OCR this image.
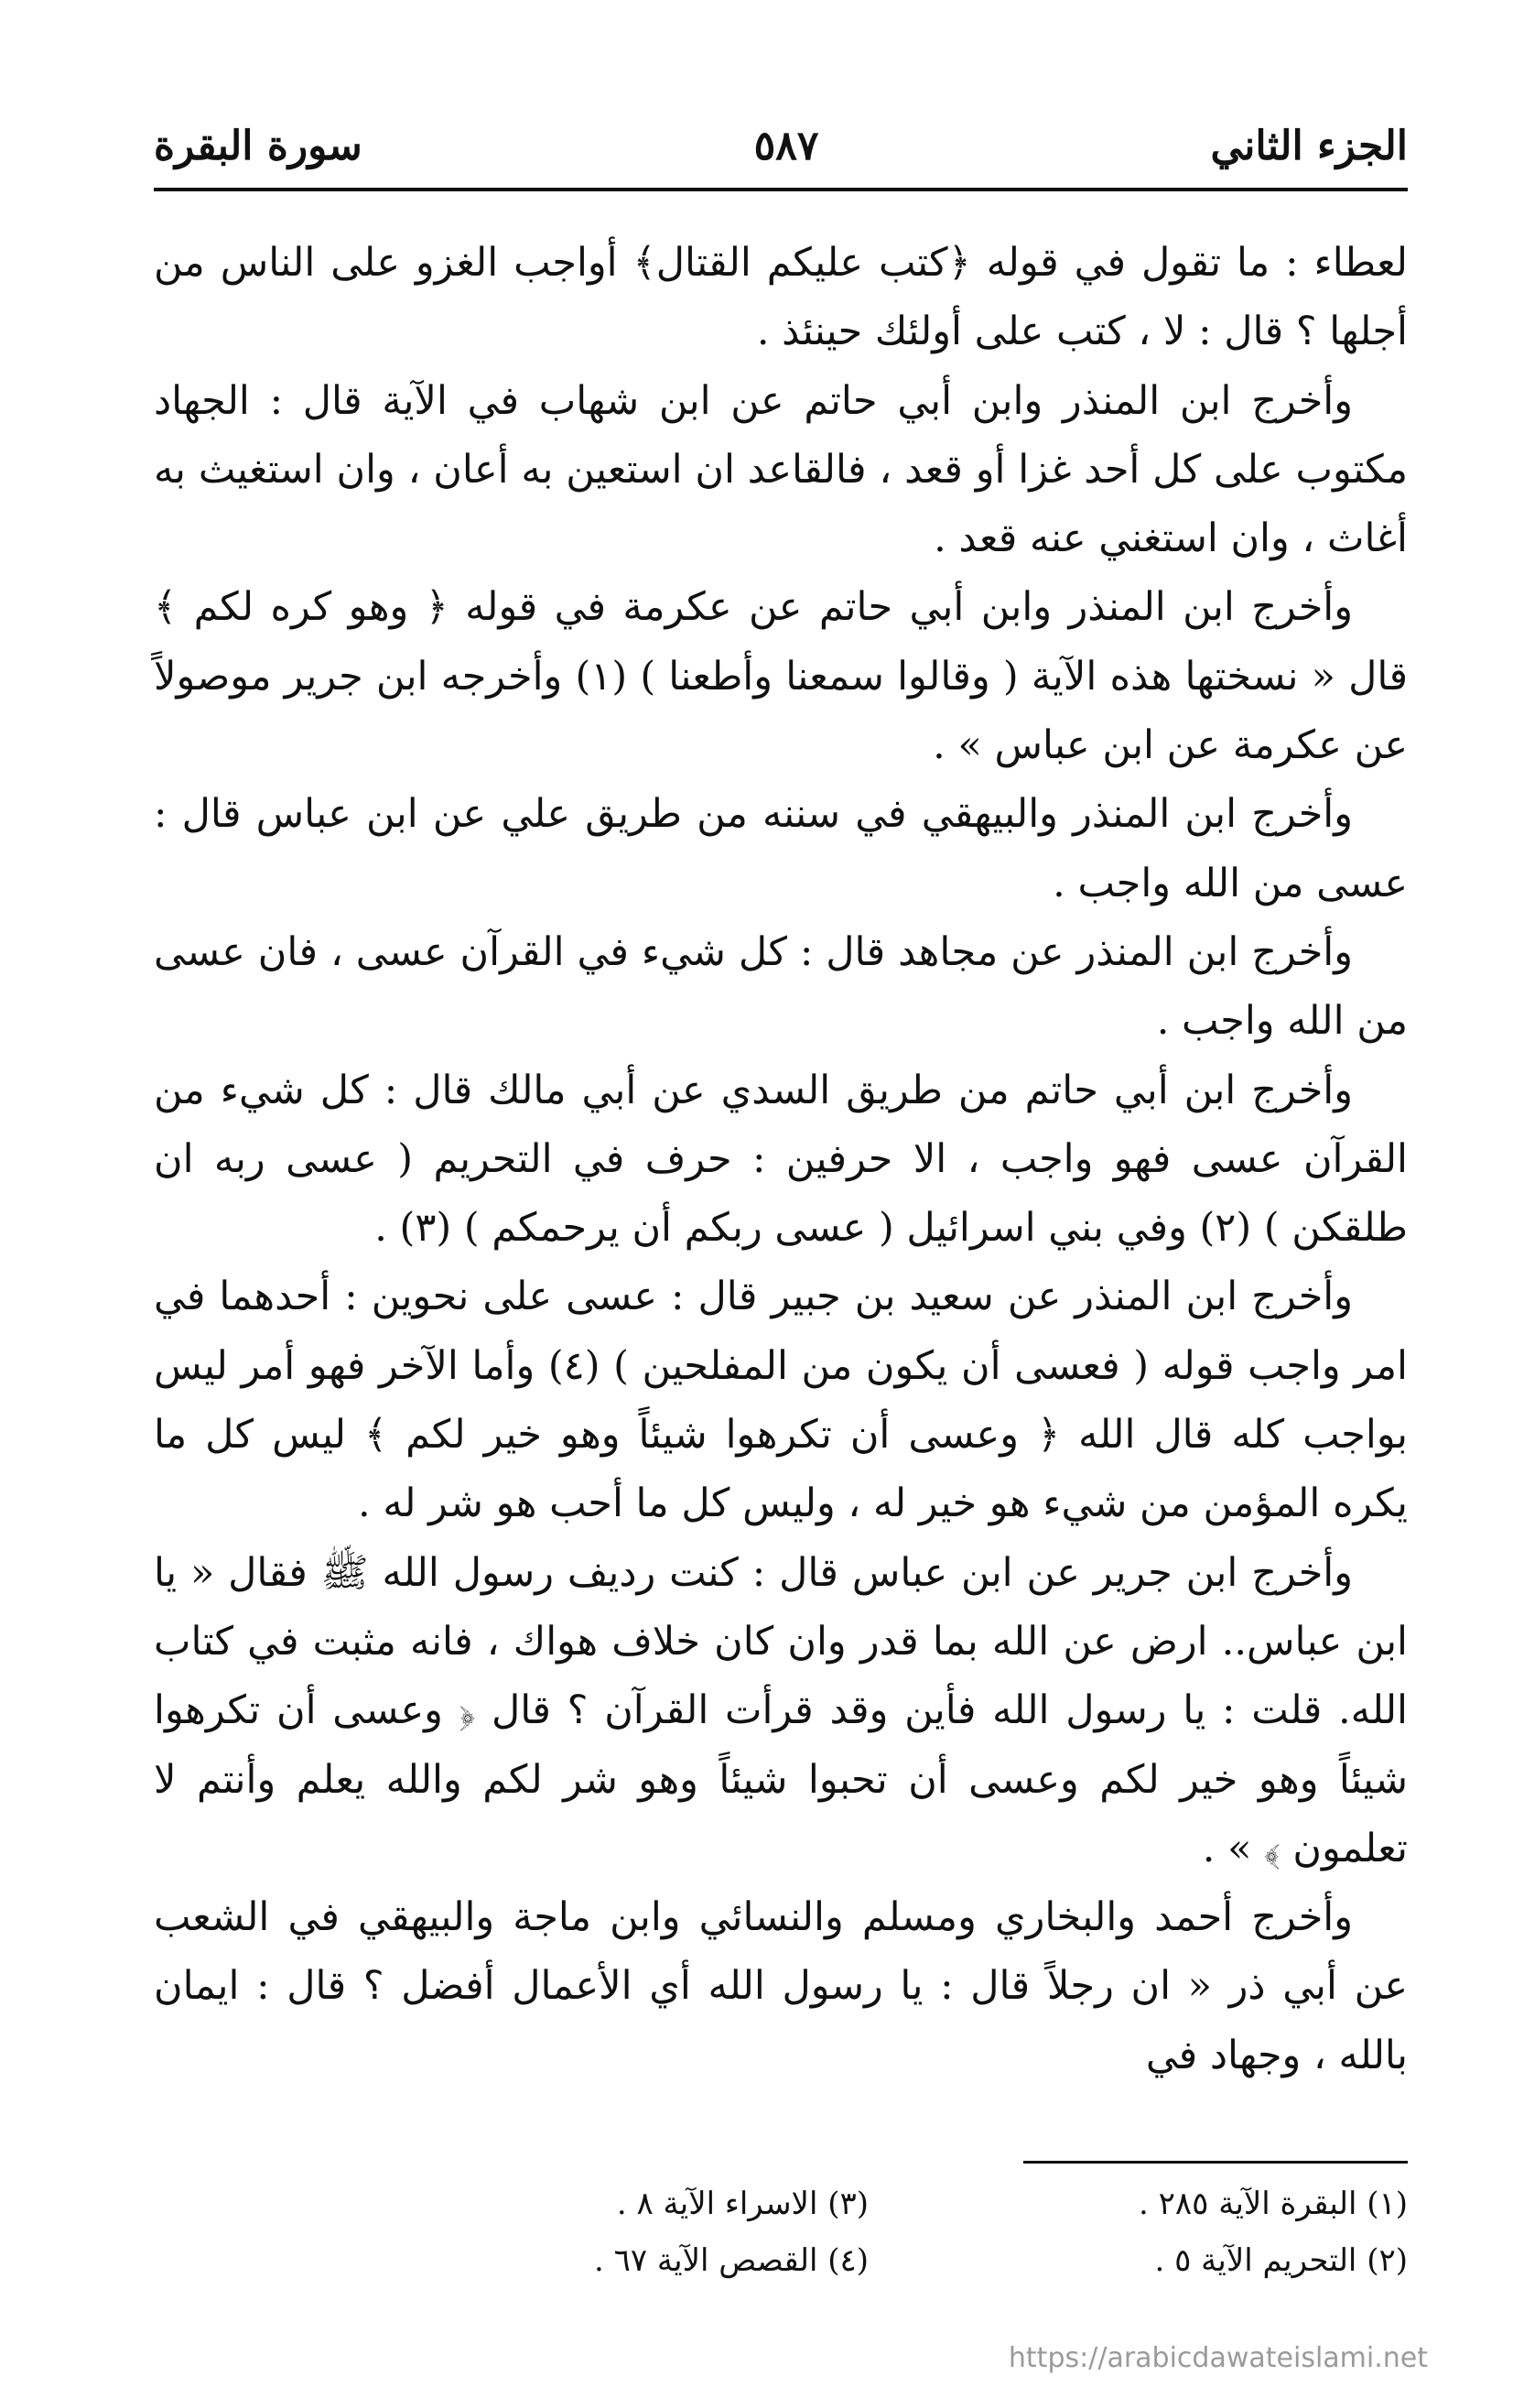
الجزء الثاني
٥٨٧
سورة البقرة

لعطاء : ما تقول في قوله ﴿كتب عليكم القتال﴾ أواجب الغزو على الناس من أجلها ؟ قال : لا ، كتب على أولئك حينئذ .

وأخرج ابن المنذر وابن أبي حاتم عن ابن شهاب في الآية قال : الجهاد مكتوب على كل أحد غزا أو قعد ، فالقاعد ان استعين به أعان ، وان استغيث به أغاث ، وان استغني عنه قعد .

وأخرج ابن المنذر وابن أبي حاتم عن عكرمة في قوله ﴿ وهو كره لكم ﴾ قال « نسختها هذه الآية ( وقالوا سمعنا وأطعنا ) (١) وأخرجه ابن جرير موصولاً عن عكرمة عن ابن عباس » .

وأخرج ابن المنذر والبيهقي في سننه من طريق علي عن ابن عباس قال : عسى من الله واجب .

وأخرج ابن المنذر عن مجاهد قال : كل شيء في القرآن عسى ، فان عسى من الله واجب .

وأخرج ابن أبي حاتم من طريق السدي عن أبي مالك قال : كل شيء من القرآن عسى فهو واجب ، الا حرفين : حرف في التحريم ( عسى ربه ان طلقكن ) (٢) وفي بني اسرائيل ( عسى ربكم أن يرحمكم ) (٣) .

وأخرج ابن المنذر عن سعيد بن جبير قال : عسى على نحوين : أحدهما في امر واجب قوله ( فعسى أن يكون من المفلحين ) (٤) وأما الآخر فهو أمر ليس بواجب كله قال الله ﴿ وعسى أن تكرهوا شيئاً وهو خير لكم ﴾ ليس كل ما يكره المؤمن من شيء هو خير له ، وليس كل ما أحب هو شر له .

وأخرج ابن جرير عن ابن عباس قال : كنت رديف رسول الله ﷺ فقال « يا ابن عباس.. ارض عن الله بما قدر وان كان خلاف هواك ، فانه مثبت في كتاب الله. قلت : يا رسول الله فأين وقد قرأت القرآن ؟ قال ﴿ وعسى أن تكرهوا شيئاً وهو خير لكم وعسى أن تحبوا شيئاً وهو شر لكم والله يعلم وأنتم لا تعلمون ﴾ » .

وأخرج أحمد والبخاري ومسلم والنسائي وابن ماجة والبيهقي في الشعب عن أبي ذر « ان رجلاً قال : يا رسول الله أي الأعمال أفضل ؟ قال : ايمان بالله ، وجهاد في

(١) البقرة الآية ٢٨٥ .
(٣) الاسراء الآية ٨ .
(٢) التحريم الآية ٥ .
(٤) القصص الآية ٦٧ .
https://arabicdawateislami.net
